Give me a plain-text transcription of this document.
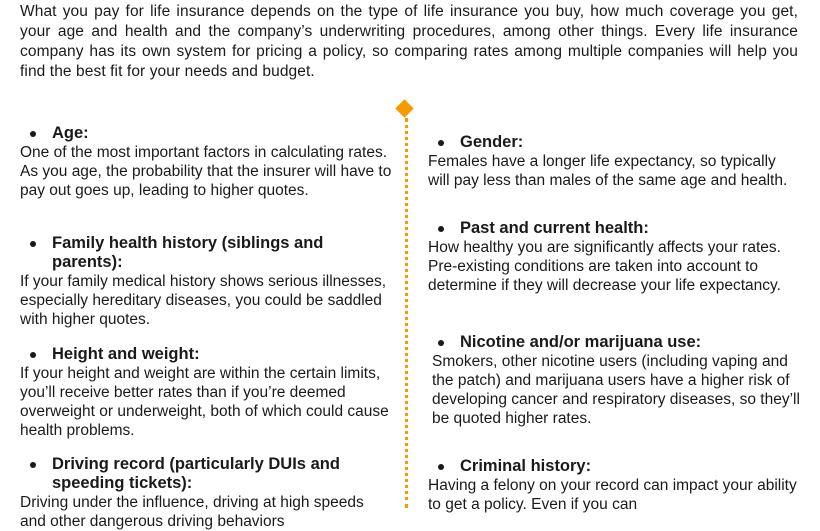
What you pay for life insurance depends on the type of life insurance you buy, how much coverage you get, your age and health and the company’s underwriting procedures, among other things. Every life insurance company has its own system for pricing a policy, so comparing rates among multiple companies will help you find the best fit for your needs and budget.
Age:
One of the most important factors in calculating rates. As you age, the probability that the insurer will have to pay out goes up, leading to higher quotes.
Family health history (siblings and parents):
If your family medical history shows serious illnesses, especially hereditary diseases, you could be saddled with higher quotes.
Height and weight:
If your height and weight are within the certain limits, you’ll receive better rates than if you’re deemed overweight or underweight, both of which could cause health problems.
Driving record (particularly DUIs and speeding tickets):
Driving under the influence, driving at high speeds and other dangerous driving behaviors
Gender:
Females have a longer life expectancy, so typically will pay less than males of the same age and health.
Past and current health:
How healthy you are significantly affects your rates. Pre-existing conditions are taken into account to determine if they will decrease your life expectancy.
Nicotine and/or marijuana use:
Smokers, other nicotine users (including vaping and the patch) and marijuana users have a higher risk of developing cancer and respiratory diseases, so they’ll be quoted higher rates.
Criminal history:
Having a felony on your record can impact your ability to get a policy. Even if you can
